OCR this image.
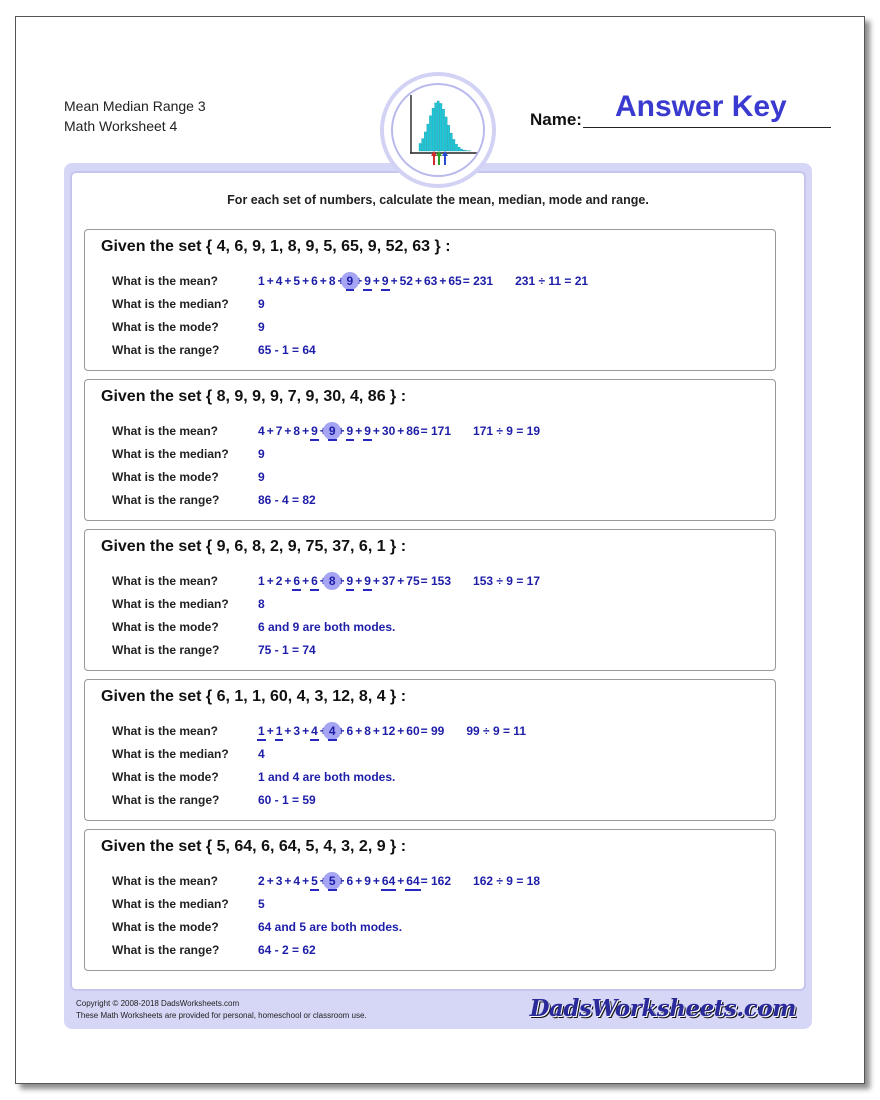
Mean Median Range 3
Math Worksheet 4	Name: Answer Key
For each set of numbers, calculate the mean, median, mode and range.
Given the set { 4, 6, 9, 1, 8, 9, 5, 65, 9, 52, 63 } :
What is the mean?	1 + 4 + 5 + 6 + 8 + 9 + 9 + 9 + 52 + 63 + 65= 231 231 ÷ 11 = 21
What is the median?	9
What is the mode?	9
What is the range?	65 - 1 = 64
Given the set { 8, 9, 9, 9, 7, 9, 30, 4, 86 } :
What is the mean?	4 + 7 + 8 + 9 + 9 + 9 + 9 + 30 + 86= 171 171 ÷ 9 = 19
What is the median?	9
What is the mode?	9
What is the range?	86 - 4 = 82
Given the set { 9, 6, 8, 2, 9, 75, 37, 6, 1 } :
What is the mean?	1 + 2 + 6 + 6 + 8 + 9 + 9 + 37 + 75= 153 153 ÷ 9 = 17
What is the median?	8
What is the mode?	6 and 9 are both modes.
What is the range?	75 - 1 = 74
Given the set { 6, 1, 1, 60, 4, 3, 12, 8, 4 } :
What is the mean?	1 + 1 + 3 + 4 + 4 + 6 + 8 + 12 + 60= 99 99 ÷ 9 = 11
What is the median?	4
What is the mode?	1 and 4 are both modes.
What is the range?	60 - 1 = 59
Given the set { 5, 64, 6, 64, 5, 4, 3, 2, 9 } :
What is the mean?	2 + 3 + 4 + 5 + 5 + 6 + 9 + 64 + 64= 162 162 ÷ 9 = 18
What is the median?	5
What is the mode?	64 and 5 are both modes.
What is the range?	64 - 2 = 62
Copyright © 2008-2018 DadsWorksheets.com
These Math Worksheets are provided for personal, homeschool or classroom use.	DadsWorksheets.com
